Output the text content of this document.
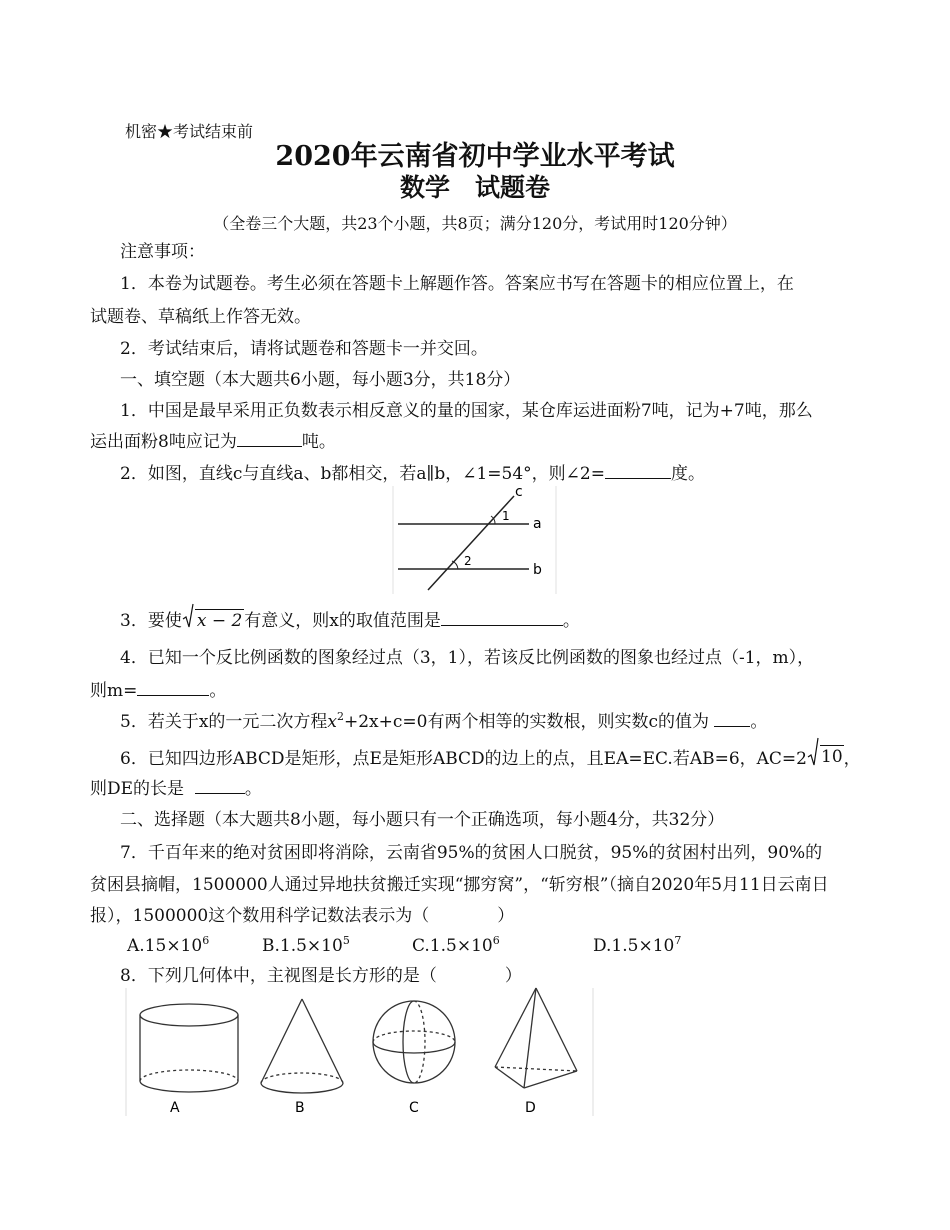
机密★考试结束前
2020年云南省初中学业水平考试
数学　试题卷
（全卷三个大题，共23个小题，共8页；满分120分，考试用时120分钟）
注意事项：
1．本卷为试题卷。考生必须在答题卡上解题作答。答案应书写在答题卡的相应位置上，在
试题卷、草稿纸上作答无效。
2．考试结束后，请将试题卷和答题卡一并交回。
一、填空题（本大题共6小题，每小题3分，共18分）
1．中国是最早采用正负数表示相反意义的量的国家，某仓库运进面粉7吨，记为+7吨，那么
运出面粉8吨应记为	吨。
2．如图，直线c与直线a、b都相交，若a∥b，∠1=54°，则∠2=	度。
c
1 a
2
b
3．要使 x − 2 有意义，则x的取值范围是	。
4．已知一个反比例函数的图象经过点（3，1），若该反比例函数的图象也经过点（-1，m），
则m=	。
5．若关于x的一元二次方程$x^2+2x+c=0$有两个相等的实数根，则实数c的值为 。
6．已知四边形ABCD是矩形，点E是矩形ABCD的边上的点，且EA=EC.若AB=6，AC=2 10，
则DE的长是	。
二、选择题（本大题共8小题，每小题只有一个正确选项，每小题4分，共32分）
7．千百年来的绝对贫困即将消除，云南省95%的贫困人口脱贫，95%的贫困村出列，90%的
贫困县摘帽，1500000人通过异地扶贫搬迁实现“挪穷窝”，“斩穷根”（摘自2020年5月11日云南日
报），1500000这个数用科学记数法表示为（　　　　）
$A.15\times 10^6$	$B.1.5\times 10^5$	$C.1.5\times 10^6$	$D.1.5\times 10^7$
8．下列几何体中，主视图是长方形的是（　　　　）
A	B	C	D
